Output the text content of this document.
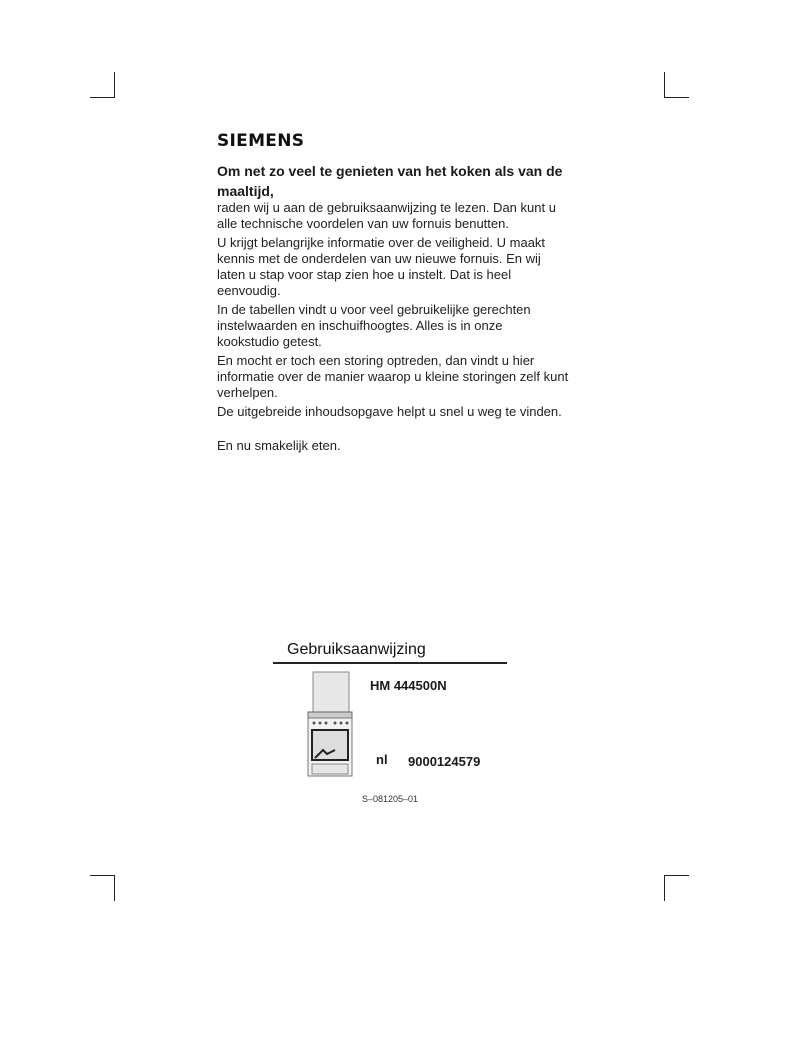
SIEMENS
Om net zo veel te genieten van het koken als van de
maaltijd,

raden wij u aan de gebruiksaanwijzing te lezen. Dan kunt u
alle technische voordelen van uw fornuis benutten.

U krijgt belangrijke informatie over de veiligheid. U maakt
kennis met de onderdelen van uw nieuwe fornuis. En wij
laten u stap voor stap zien hoe u instelt. Dat is heel
eenvoudig.

In de tabellen vindt u voor veel gebruikelijke gerechten
instelwaarden en inschuifhoogtes. Alles is in onze
kookstudio getest.

En mocht er toch een storing optreden, dan vindt u hier
informatie over de manier waarop u kleine storingen zelf kunt
verhelpen.

De uitgebreide inhoudsopgave helpt u snel u weg te vinden.

En nu smakelijk eten.

Gebruiksaanwijzing
HM 444500N
nl 9000124579
S–081205–01
